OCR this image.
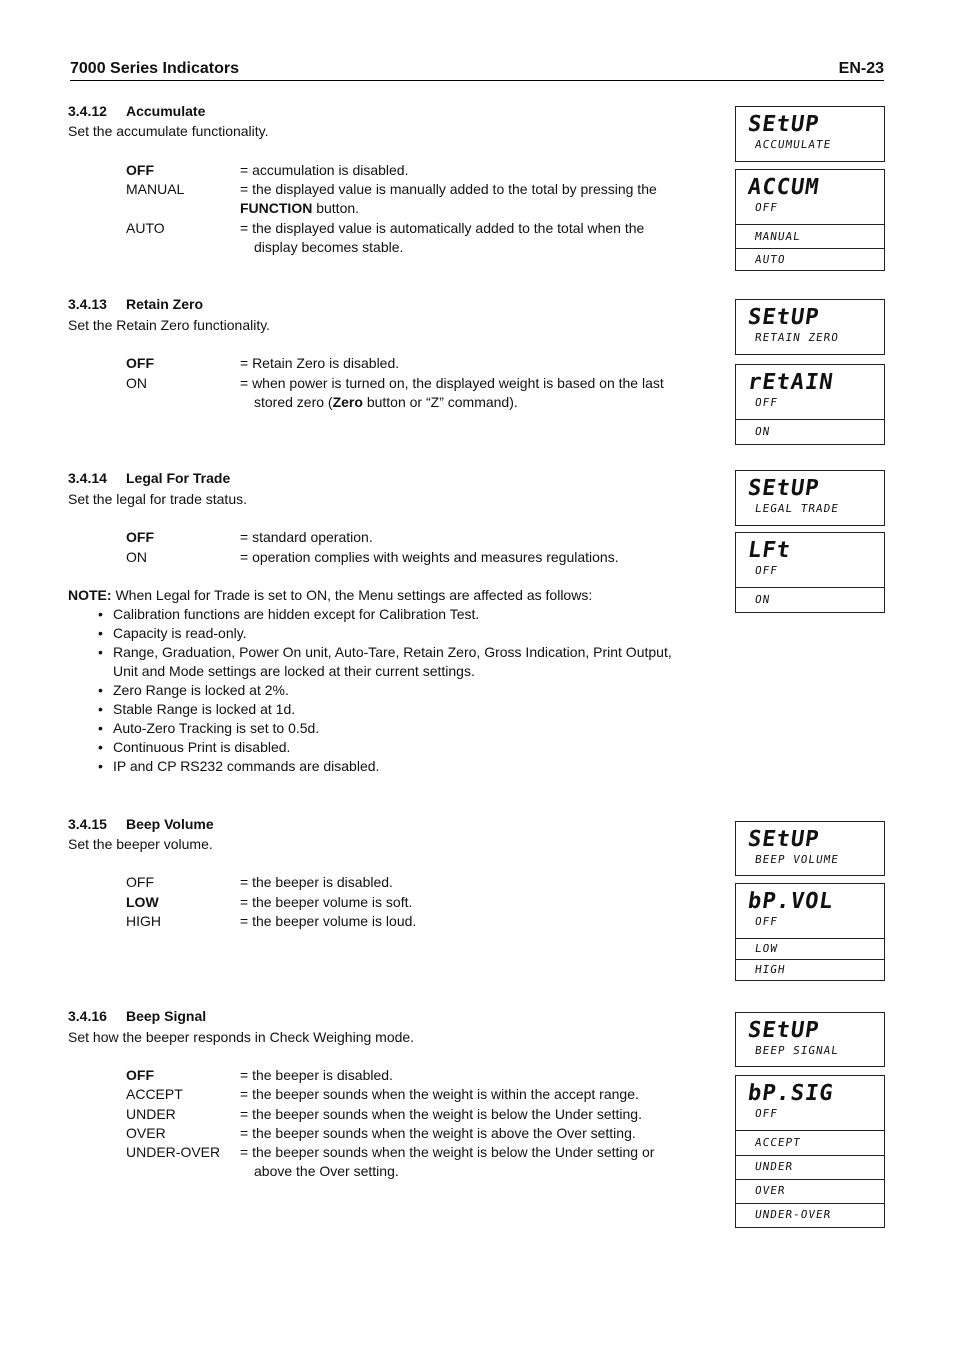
7000 Series Indicators	EN-23
3.4.12 Accumulate
Set the accumulate functionality.
OFF	= accumulation is disabled.
MANUAL	= the displayed value is manually added to the total by pressing the
FUNCTION button.
AUTO	= the displayed value is automatically added to the total when the
display becomes stable.
SEtUP
ACCUMULATE
ACCUM
OFF
MANUAL
AUTO
3.4.13 Retain Zero
Set the Retain Zero functionality.
OFF	= Retain Zero is disabled.
ON	= when power is turned on, the displayed weight is based on the last
stored zero (Zero button or “Z” command).
SEtUP
RETAIN ZERO
rEtAIN
OFF
ON
3.4.14 Legal For Trade
Set the legal for trade status.
OFF	= standard operation.
ON	= operation complies with weights and measures regulations.
NOTE: When Legal for Trade is set to ON, the Menu settings are affected as follows:
• Calibration functions are hidden except for Calibration Test.
• Capacity is read-only.
• Range, Graduation, Power On unit, Auto-Tare, Retain Zero, Gross Indication, Print Output,
Unit and Mode settings are locked at their current settings.
• Zero Range is locked at 2%.
• Stable Range is locked at 1d.
• Auto-Zero Tracking is set to 0.5d.
• Continuous Print is disabled.
• IP and CP RS232 commands are disabled.
SEtUP
LEGAL TRADE
LFt
OFF
ON
3.4.15 Beep Volume
Set the beeper volume.
OFF	= the beeper is disabled.
LOW	= the beeper volume is soft.
HIGH	= the beeper volume is loud.
SEtUP
BEEP VOLUME
bP.VOL
OFF
LOW
HIGH
3.4.16 Beep Signal
Set how the beeper responds in Check Weighing mode.
OFF	= the beeper is disabled.
ACCEPT	= the beeper sounds when the weight is within the accept range.
UNDER	= the beeper sounds when the weight is below the Under setting.
OVER	= the beeper sounds when the weight is above the Over setting.
UNDER-OVER = the beeper sounds when the weight is below the Under setting or
above the Over setting.
SEtUP
BEEP SIGNAL
bP.SIG
OFF
ACCEPT
UNDER
OVER
UNDER-OVER
